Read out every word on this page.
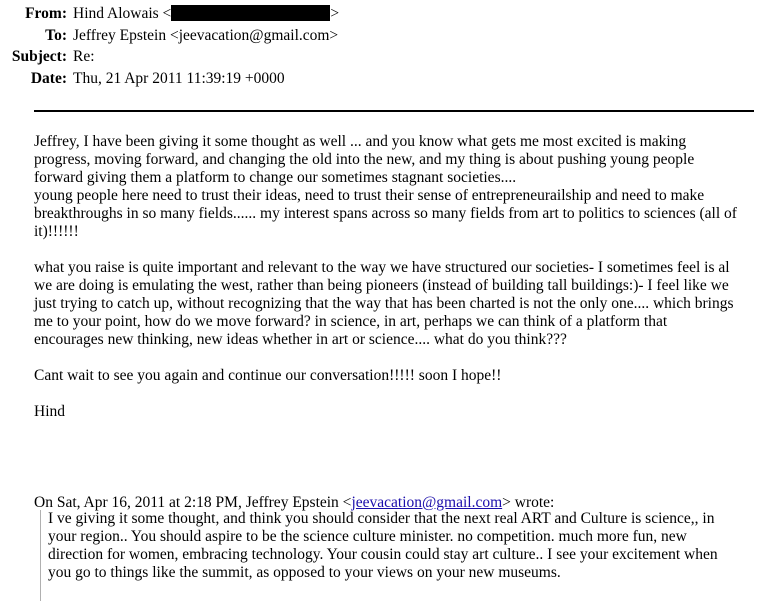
From: Hind Alowais <	>
To: Jeffrey Epstein <jeevacation@gmail.com>
Subject: Re:
Date: Thu, 21 Apr 2011 11:39:19 +0000
Jeffrey, I have been giving it some thought as well ... and you know what gets me most excited is making
progress, moving forward, and changing the old into the new, and my thing is about pushing young people
forward giving them a platform to change our sometimes stagnant societies....
young people here need to trust their ideas, need to trust their sense of entrepreneurailship and need to make
breakthroughs in so many fields...... my interest spans across so many fields from art to politics to sciences (all of
it)!!!!!!
what you raise is quite important and relevant to the way we have structured our societies- I sometimes feel is al
we are doing is emulating the west, rather than being pioneers (instead of building tall buildings:)- I feel like we
just trying to catch up, without recognizing that the way that has been charted is not the only one.... which brings
me to your point, how do we move forward? in science, in art, perhaps we can think of a platform that
encourages new thinking, new ideas whether in art or science.... what do you think???
Cant wait to see you again and continue our conversation!!!!! soon I hope!!
Hind
On Sat, Apr 16, 2011 at 2:18 PM, Jeffrey Epstein <jeevacation@gmail.com> wrote:
I ve giving it some thought, and think you should consider that the next real ART and Culture is science,, in
your region.. You should aspire to be the science culture minister. no competition. much more fun, new
direction for women, embracing technology. Your cousin could stay art culture.. I see your excitement when
you go to things like the summit, as opposed to your views on your new museums.
